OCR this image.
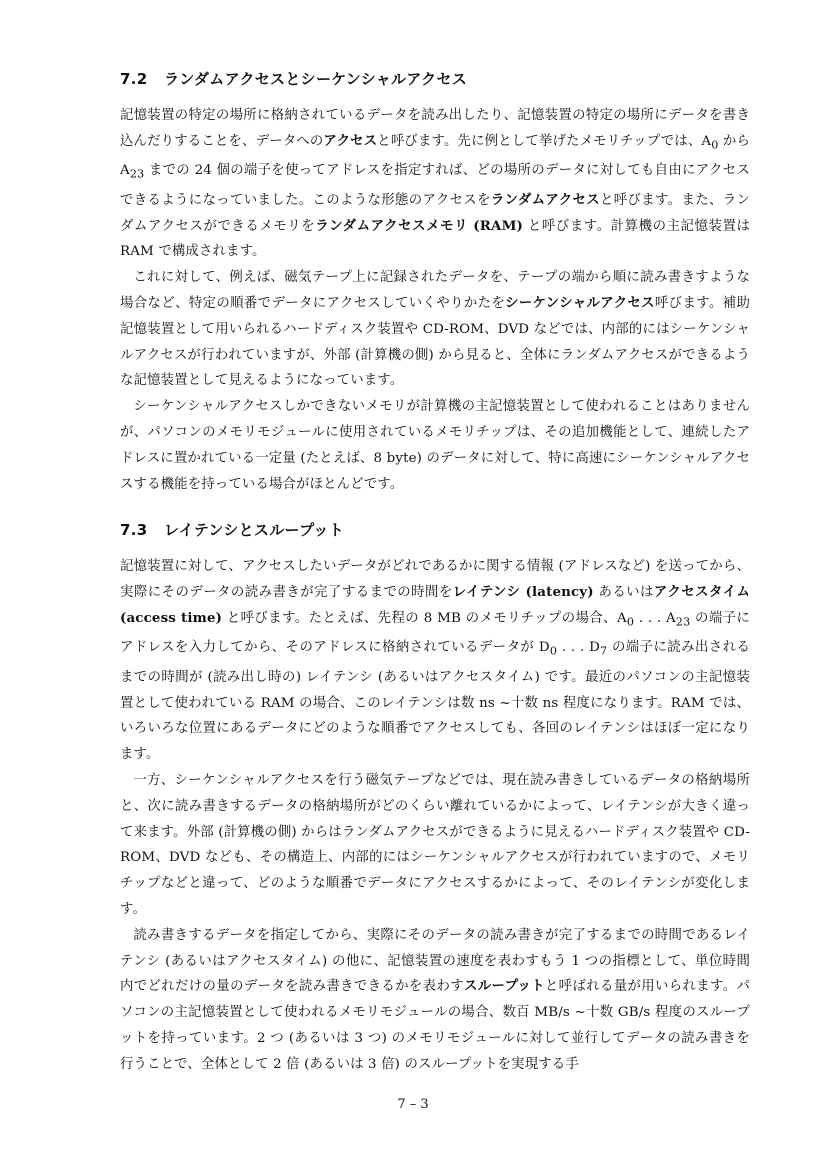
7.2 ランダムアクセスとシーケンシャルアクセス

記憶装置の特定の場所に格納されているデータを読み出したり、記憶装置の特定の場所にデータを書き込んだりすることを、データへのアクセスと呼びます。先に例として挙げたメモリチップでは、$A_0$ から $A_{23}$ までの 24 個の端子を使ってアドレスを指定すれば、どの場所のデータに対しても自由にアクセスできるようになっていました。このような形態のアクセスをランダムアクセスと呼びます。また、ランダムアクセスができるメモリをランダムアクセスメモリ (RAM) と呼びます。計算機の主記憶装置は RAM で構成されます。

これに対して、例えば、磁気テープ上に記録されたデータを、テープの端から順に読み書きすような場合など、特定の順番でデータにアクセスしていくやりかたをシーケンシャルアクセス呼びます。補助記憶装置として用いられるハードディスク装置や CD-ROM、DVD などでは、内部的にはシーケンシャルアクセスが行われていますが、外部 (計算機の側) から見ると、全体にランダムアクセスができるような記憶装置として見えるようになっています。

シーケンシャルアクセスしかできないメモリが計算機の主記憶装置として使われることはありませんが、パソコンのメモリモジュールに使用されているメモリチップは、その追加機能として、連続したアドレスに置かれている一定量 (たとえば、8 byte) のデータに対して、特に高速にシーケンシャルアクセスする機能を持っている場合がほとんどです。

7.3 レイテンシとスループット

記憶装置に対して、アクセスしたいデータがどれであるかに関する情報 (アドレスなど) を送ってから、実際にそのデータの読み書きが完了するまでの時間をレイテンシ (latency) あるいはアクセスタイム (access time) と呼びます。たとえば、先程の 8 MB のメモリチップの場合、$A_0$ . . . $A_{23}$ の端子にアドレスを入力してから、そのアドレスに格納されているデータが $D_0$ . . . $D_7$ の端子に読み出されるまでの時間が (読み出し時の) レイテンシ (あるいはアクセスタイム) です。最近のパソコンの主記憶装置として使われている RAM の場合、このレイテンシは数 ns ~十数 ns 程度になります。RAM では、いろいろな位置にあるデータにどのような順番でアクセスしても、各回のレイテンシはほぼ一定になります。

一方、シーケンシャルアクセスを行う磁気テープなどでは、現在読み書きしているデータの格納場所と、次に読み書きするデータの格納場所がどのくらい離れているかによって、レイテンシが大きく違って来ます。外部 (計算機の側) からはランダムアクセスができるように見えるハードディスク装置や CD-ROM、DVD なども、その構造上、内部的にはシーケンシャルアクセスが行われていますので、メモリチップなどと違って、どのような順番でデータにアクセスするかによって、そのレイテンシが変化します。

読み書きするデータを指定してから、実際にそのデータの読み書きが完了するまでの時間であるレイテンシ (あるいはアクセスタイム) の他に、記憶装置の速度を表わすもう 1 つの指標として、単位時間内でどれだけの量のデータを読み書きできるかを表わすスループットと呼ばれる量が用いられます。パソコンの主記憶装置として使われるメモリモジュールの場合、数百 MB/s ~十数 GB/s 程度のスループットを持っています。2 つ (あるいは 3 つ) のメモリモジュールに対して並行してデータの読み書きを行うことで、全体として 2 倍 (あるいは 3 倍) のスループットを実現する手

7 – 3
